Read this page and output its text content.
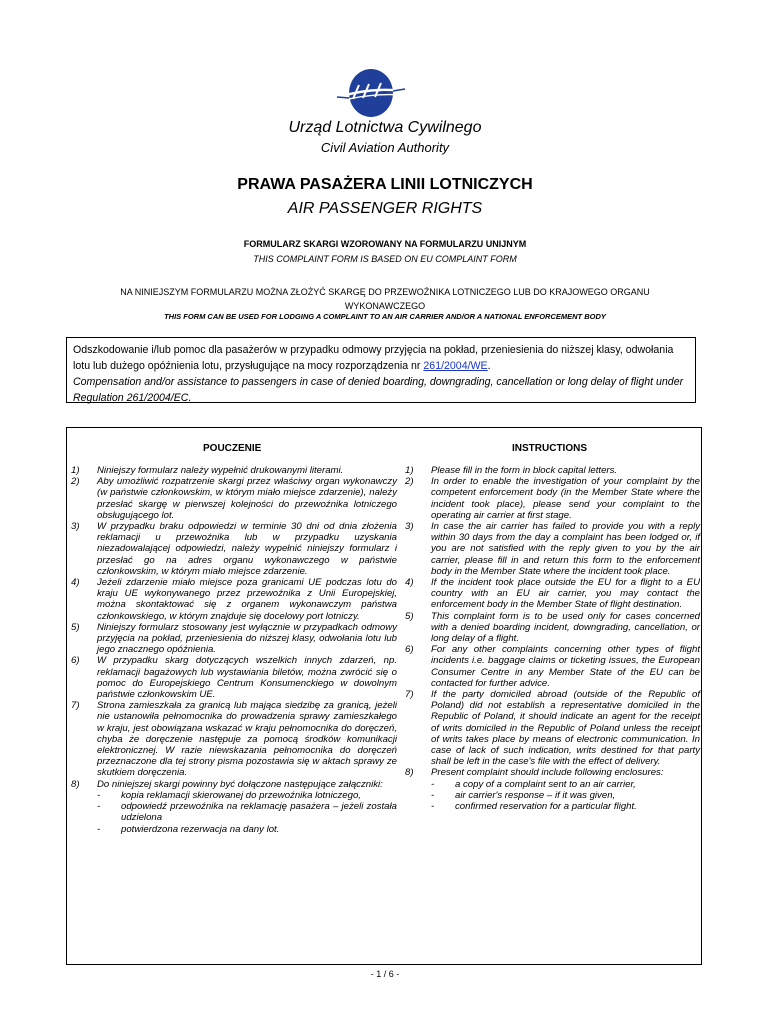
Urząd Lotnictwa Cywilnego
Civil Aviation Authority
PRAWA PASAŻERA LINII LOTNICZYCH
AIR PASSENGER RIGHTS
FORMULARZ SKARGI WZOROWANY NA FORMULARZU UNIJNYM
THIS COMPLAINT FORM IS BASED ON EU COMPLAINT FORM
NA NINIEJSZYM FORMULARZU MOŻNA ZŁOŻYĆ SKARGĘ DO PRZEWOŹNIKA LOTNICZEGO LUB DO KRAJOWEGO ORGANU WYKONAWCZEGO
THIS FORM CAN BE USED FOR LODGING A COMPLAINT TO AN AIR CARRIER AND/OR A NATIONAL ENFORCEMENT BODY
Odszkodowanie i/lub pomoc dla pasażerów w przypadku odmowy przyjęcia na pokład, przeniesienia do niższej klasy, odwołania lotu lub dużego opóźnienia lotu, przysługujące na mocy rozporządzenia nr 261/2004/WE.
Compensation and/or assistance to passengers in case of denied boarding, downgrading, cancellation or long delay of flight under Regulation 261/2004/EC.
POUCZENIE	INSTRUCTIONS
1) Niniejszy formularz należy wypełnić drukowanymi literami.
2) Aby umożliwić rozpatrzenie skargi przez właściwy organ wykonawczy (w państwie członkowskim, w którym miało miejsce zdarzenie), należy przesłać skargę w pierwszej kolejności do przewoźnika lotniczego obsługującego lot.
3) W przypadku braku odpowiedzi w terminie 30 dni od dnia złożenia reklamacji u przewoźnika lub w przypadku uzyskania niezadowalającej odpowiedzi, należy wypełnić niniejszy formularz i przesłać go na adres organu wykonawczego w państwie członkowskim, w którym miało miejsce zdarzenie.
4) Jeżeli zdarzenie miało miejsce poza granicami UE podczas lotu do kraju UE wykonywanego przez przewoźnika z Unii Europejskiej, można skontaktować się z organem wykonawczym państwa członkowskiego, w którym znajduje się docelowy port lotniczy.
5) Niniejszy formularz stosowany jest wyłącznie w przypadkach odmowy przyjęcia na pokład, przeniesienia do niższej klasy, odwołania lotu lub jego znacznego opóźnienia.
6) W przypadku skarg dotyczących wszelkich innych zdarzeń, np. reklamacji bagażowych lub wystawiania biletów, można zwrócić się o pomoc do Europejskiego Centrum Konsumenckiego w dowolnym państwie członkowskim UE.
7) Strona zamieszkała za granicą lub mająca siedzibę za granicą, jeżeli nie ustanowiła pełnomocnika do prowadzenia sprawy zamieszkałego w kraju, jest obowiązana wskazać w kraju pełnomocnika do doręczeń, chyba że doręczenie następuje za pomocą środków komunikacji elektronicznej. W razie niewskazania pełnomocnika do doręczeń przeznaczone dla tej strony pisma pozostawia się w aktach sprawy ze skutkiem doręczenia.
8) Do niniejszej skargi powinny być dołączone następujące załączniki:
- kopia reklamacji skierowanej do przewoźnika lotniczego,
- odpowiedź przewoźnika na reklamację pasażera – jeżeli została udzielona
- potwierdzona rezerwacja na dany lot.
1) Please fill in the form in block capital letters.
2) In order to enable the investigation of your complaint by the competent enforcement body (in the Member State where the incident took place), please send your complaint to the operating air carrier at first stage.
3) In case the air carrier has failed to provide you with a reply within 30 days from the day a complaint has been lodged or, if you are not satisfied with the reply given to you by the air carrier, please fill in and return this form to the enforcement body in the Member State where the incident took place.
4) If the incident took place outside the EU for a flight to a EU country with an EU air carrier, you may contact the enforcement body in the Member State of flight destination.
5) This complaint form is to be used only for cases concerned with a denied boarding incident, downgrading, cancellation, or long delay of a flight.
6) For any other complaints concerning other types of flight incidents i.e. baggage claims or ticketing issues, the European Consumer Centre in any Member State of the EU can be contacted for further advice.
7) If the party domiciled abroad (outside of the Republic of Poland) did not establish a representative domiciled in the Republic of Poland, it should indicate an agent for the receipt of writs domiciled in the Republic of Poland unless the receipt of writs takes place by means of electronic communication. In case of lack of such indication, writs destined for that party shall be left in the case's file with the effect of delivery.
8) Present complaint should include following enclosures:
- a copy of a complaint sent to an air carrier,
- air carrier's response – if it was given,
- confirmed reservation for a particular flight.
- 1 / 6 -
